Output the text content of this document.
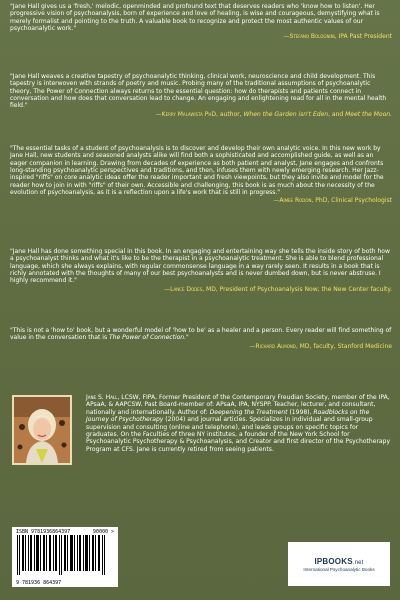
"Jane Hall gives us a 'fresh,' melodic, openminded and profound text that deserves readers who 'know how to listen'. Her progressive vision of psychoanalysis, born of experience and love of healing, is wise and courageous, demystifying what is merely formalist and pointing to the truth. A valuable book to recognize and protect the most authentic values of our psychoanalytic work."

—Stefano Bolognini, IPA Past President

"Jane Hall weaves a creative tapestry of psychoanalytic thinking, clinical work, neuroscience and child development. This tapestry is interwoven with strands of poetry and music. Probing many of the traditional assumptions of psychoanalytic theory, The Power of Connection always returns to the essential question: how do therapists and patients connect in conversation and how does that conversation lead to change. An engaging and enlightening read for all in the mental health field."

—Kerry Malawista PhD, author, When the Garden isn't Eden, and Meet the Moon.

"The essential tasks of a student of psychoanalysis is to discover and develop their own analytic voice. In this new work by Jane Hall, new students and seasoned analysts alike will find both a sophisticated and accomplished guide, as well as an eager companion in learning. Drawing from decades of experience as both patient and analyst, Jane engages and confronts long-standing psychoanalytic perspectives and traditions, and then, infuses them with newly emerging research. Her Jazz-inspired "riffs" on core analytic ideas offer the reader important and fresh viewpoints, but they also invite and model for the reader how to join in with "riffs" of their own. Accessible and challenging, this book is as much about the necessity of the evolution of psychoanalysis, as it is a reflection upon a life's work that is still in progress."

—Aimee Rodon, PhD, Clinical Psychologist

"Jane Hall has done something special in this book. In an engaging and entertaining way she tells the inside story of both how a psychoanalyst thinks and what it's like to be the therapist in a psychoanalytic treatment. She is able to blend professional language, which she always explains, with regular commonsense language in a way rarely seen. It results in a book that is richly annotated with the thoughts of many of our best psychoanalysts and is never dumbed down, but is never abstruse. I highly recommend it."

—Lance Dodes, MD, President of Psychoanalysis Now; the New Center faculty.

"This is not a 'how to' book, but a wonderful model of 'how to be' as a healer and a person. Every reader will find something of value in the conversation that is The Power of Connection."

—Richard Almond, MD, faculty, Stanford Medicine

Jane S. Hall, LCSW, FIPA, Former President of the Contemporary Freudian Society, member of the IPA, APsaA, & AAPCSW. Past Board-member of: APsaA, IPA, NYSPP. Teacher, lecturer, and consultant, nationally and internationally. Author of: Deepening the Treatment (1998), Roadblocks on the Journey of Psychotherapy (2004) and journal articles. Specializes in individual and small-group supervision and consulting (online and telephone), and leads groups on specific topics for graduates. On the Faculties of three NY institutes, a founder of the New York School for Psychoanalytic Psychotherapy & Psychoanalysis, and Creator and first director of the Psychotherapy Program at CFS. Jane is currently retired from seeing patients.

ISBN 9781936864397	90000 >
9 781936 864397
IPBOOKS.net
International Psychoanalytic Books
